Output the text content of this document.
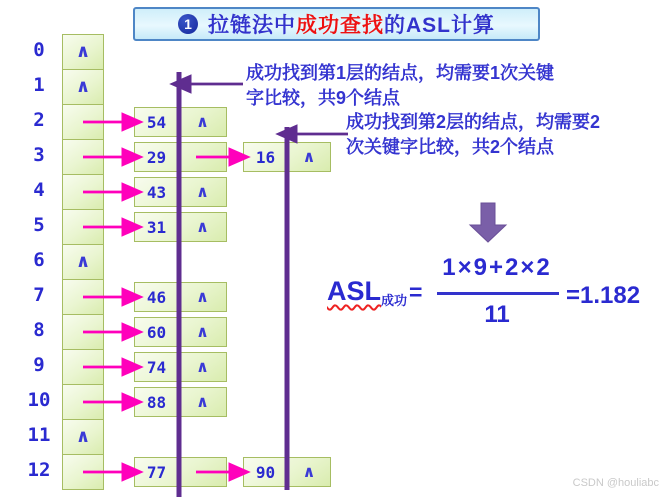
1 拉链法中成功查找的ASL计算
0	∧
1	∧
2	54	∧
3	29	16	∧
4	43	∧
5	31	∧
6	∧
7	46	∧
8	60	∧
9	74	∧
10	88	∧
11	∧
12	77	90	∧
成功找到第1层的结点，均需要1次关键
字比较，共9个结点
成功找到第2层的结点，均需要2
次关键字比较，共2个结点
$ASL_{成功}=$
1×9+2×2
11
=1.182
CSDN @houliabc
